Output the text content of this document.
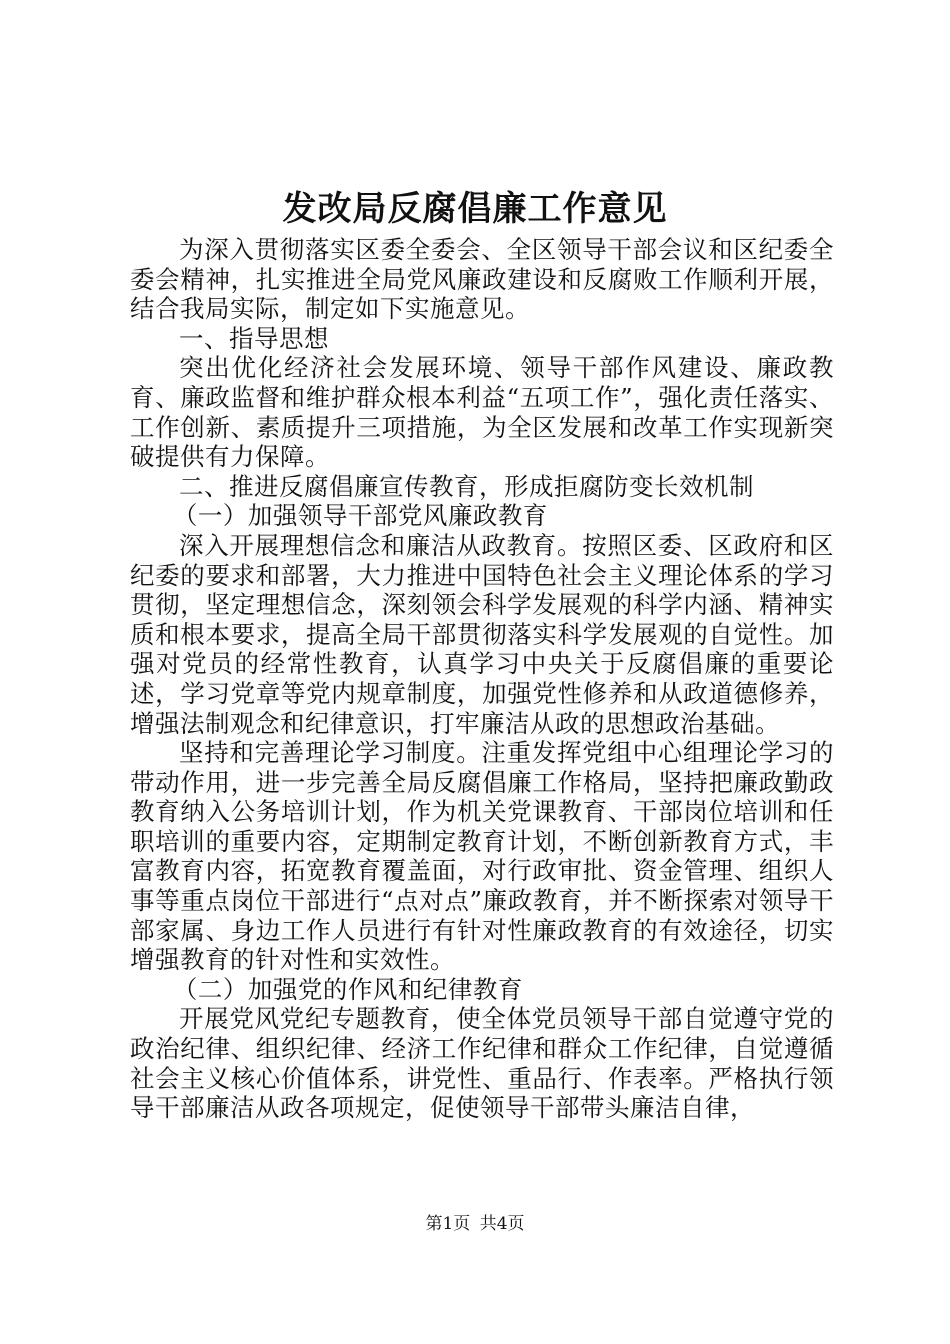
发改局反腐倡廉工作意见

为深入贯彻落实区委全委会、全区领导干部会议和区纪委全委会精神，扎实推进全局党风廉政建设和反腐败工作顺利开展，结合我局实际，制定如下实施意见。

一、指导思想

突出优化经济社会发展环境、领导干部作风建设、廉政教育、廉政监督和维护群众根本利益“五项工作”，强化责任落实、工作创新、素质提升三项措施，为全区发展和改革工作实现新突破提供有力保障。

二、推进反腐倡廉宣传教育，形成拒腐防变长效机制

（一）加强领导干部党风廉政教育

深入开展理想信念和廉洁从政教育。按照区委、区政府和区纪委的要求和部署，大力推进中国特色社会主义理论体系的学习贯彻，坚定理想信念，深刻领会科学发展观的科学内涵、精神实质和根本要求，提高全局干部贯彻落实科学发展观的自觉性。加强对党员的经常性教育，认真学习中央关于反腐倡廉的重要论述，学习党章等党内规章制度，加强党性修养和从政道德修养，增强法制观念和纪律意识，打牢廉洁从政的思想政治基础。

坚持和完善理论学习制度。注重发挥党组中心组理论学习的带动作用，进一步完善全局反腐倡廉工作格局，坚持把廉政勤政教育纳入公务培训计划，作为机关党课教育、干部岗位培训和任职培训的重要内容，定期制定教育计划，不断创新教育方式，丰富教育内容，拓宽教育覆盖面，对行政审批、资金管理、组织人事等重点岗位干部进行“点对点”廉政教育，并不断探索对领导干部家属、身边工作人员进行有针对性廉政教育的有效途径，切实增强教育的针对性和实效性。

（二）加强党的作风和纪律教育

开展党风党纪专题教育，使全体党员领导干部自觉遵守党的政治纪律、组织纪律、经济工作纪律和群众工作纪律，自觉遵循社会主义核心价值体系，讲党性、重品行、作表率。严格执行领导干部廉洁从政各项规定，促使领导干部带头廉洁自律，

第1页 共4页
